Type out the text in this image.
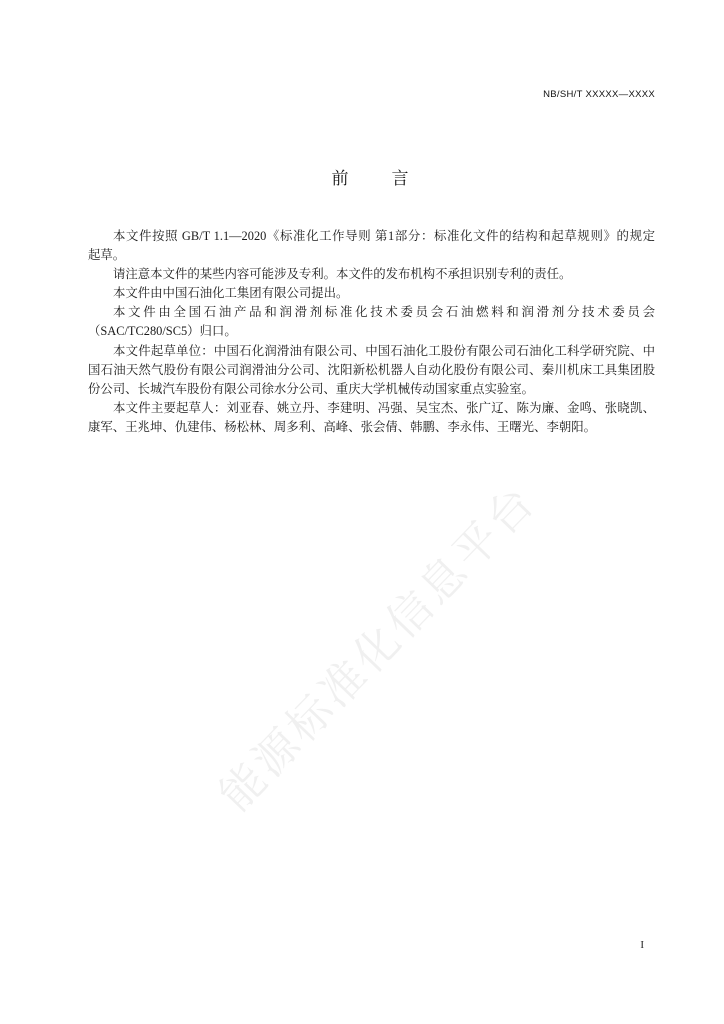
NB/SH/T XXXXX—XXXX
前　　言
本文件按照 GB/T 1.1—2020《标准化工作导则 第1部分：标准化文件的结构和起草规则》的规定
起草。
请注意本文件的某些内容可能涉及专利。本文件的发布机构不承担识别专利的责任。
本文件由中国石油化工集团有限公司提出。
本文件由全国石油产品和润滑剂标准化技术委员会石油燃料和润滑剂分技术委员会
（SAC/TC280/SC5）归口。
本文件起草单位：中国石化润滑油有限公司、中国石油化工股份有限公司石油化工科学研究院、中
国石油天然气股份有限公司润滑油分公司、沈阳新松机器人自动化股份有限公司、秦川机床工具集团股
份公司、长城汽车股份有限公司徐水分公司、重庆大学机械传动国家重点实验室。
本文件主要起草人：刘亚春、姚立丹、李建明、冯强、吴宝杰、张广辽、陈为廉、金鸣、张晓凯、
康军、王兆坤、仇建伟、杨松林、周多利、高峰、张会倩、韩鹏、李永伟、王曙光、李朝阳。
能源标准化信息平台
I
